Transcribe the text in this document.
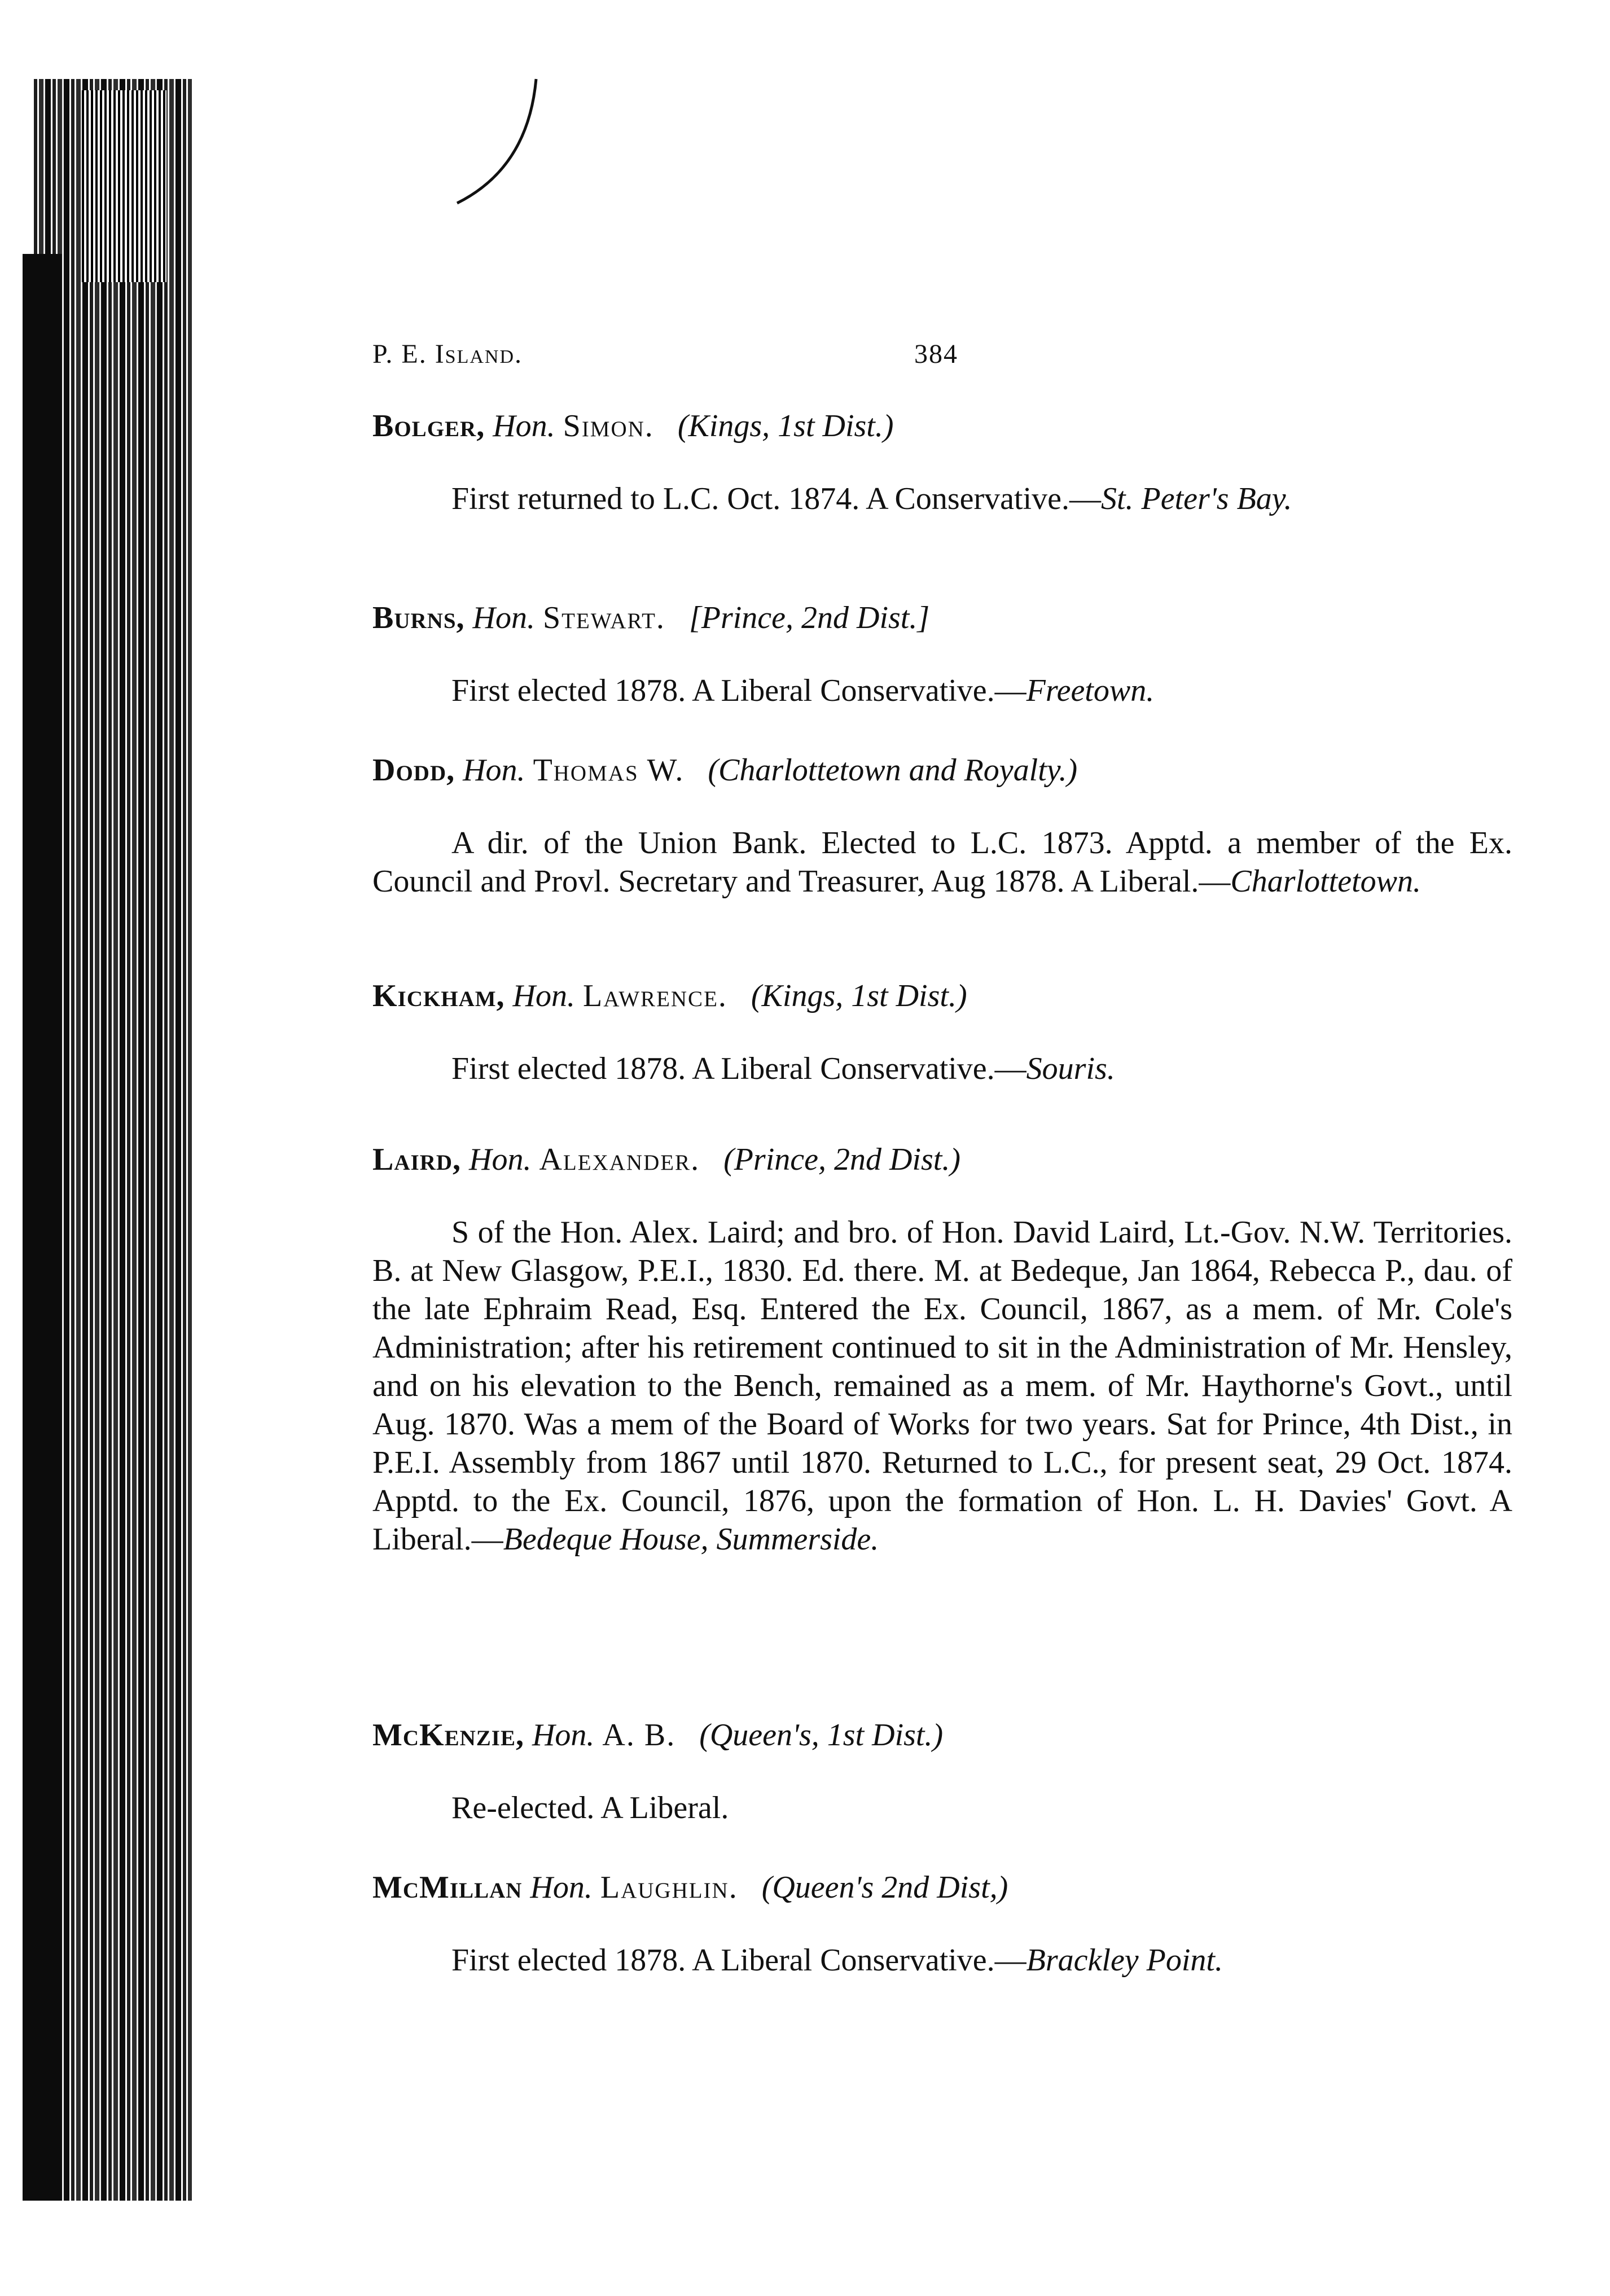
P. E. Island.	384
Bolger, Hon. Simon. (Kings, 1st Dist.)
First returned to L.C. Oct. 1874. A Conservative.—St. Peter's Bay.
Burns, Hon. Stewart. [Prince, 2nd Dist.]
First elected 1878. A Liberal Conservative.—Freetown.
Dodd, Hon. Thomas W. (Charlottetown and Royalty.)
A dir. of the Union Bank. Elected to L.C. 1873. Apptd. a member of the Ex. Council and Provl. Secretary and Treasurer, Aug 1878. A Liberal.—Charlottetown.
Kickham, Hon. Lawrence. (Kings, 1st Dist.)
First elected 1878. A Liberal Conservative.—Souris.
Laird, Hon. Alexander. (Prince, 2nd Dist.)
S of the Hon. Alex. Laird; and bro. of Hon. David Laird, Lt.-Gov. N.W. Territories. B. at New Glasgow, P.E.I., 1830. Ed. there. M. at Bedeque, Jan 1864, Rebecca P., dau. of the late Ephraim Read, Esq. Entered the Ex. Council, 1867, as a mem. of Mr. Cole's Administration; after his retirement continued to sit in the Administration of Mr. Hensley, and on his elevation to the Bench, remained as a mem. of Mr. Haythorne's Govt., until Aug. 1870. Was a mem of the Board of Works for two years. Sat for Prince, 4th Dist., in P.E.I. Assembly from 1867 until 1870. Returned to L.C., for present seat, 29 Oct. 1874. Apptd. to the Ex. Council, 1876, upon the formation of Hon. L. H. Davies' Govt. A Liberal.—Bedeque House, Summerside.
McKenzie, Hon. A. B. (Queen's, 1st Dist.)
Re-elected. A Liberal.
McMillan Hon. Laughlin. (Queen's 2nd Dist,)
First elected 1878. A Liberal Conservative.—Brackley Point.
